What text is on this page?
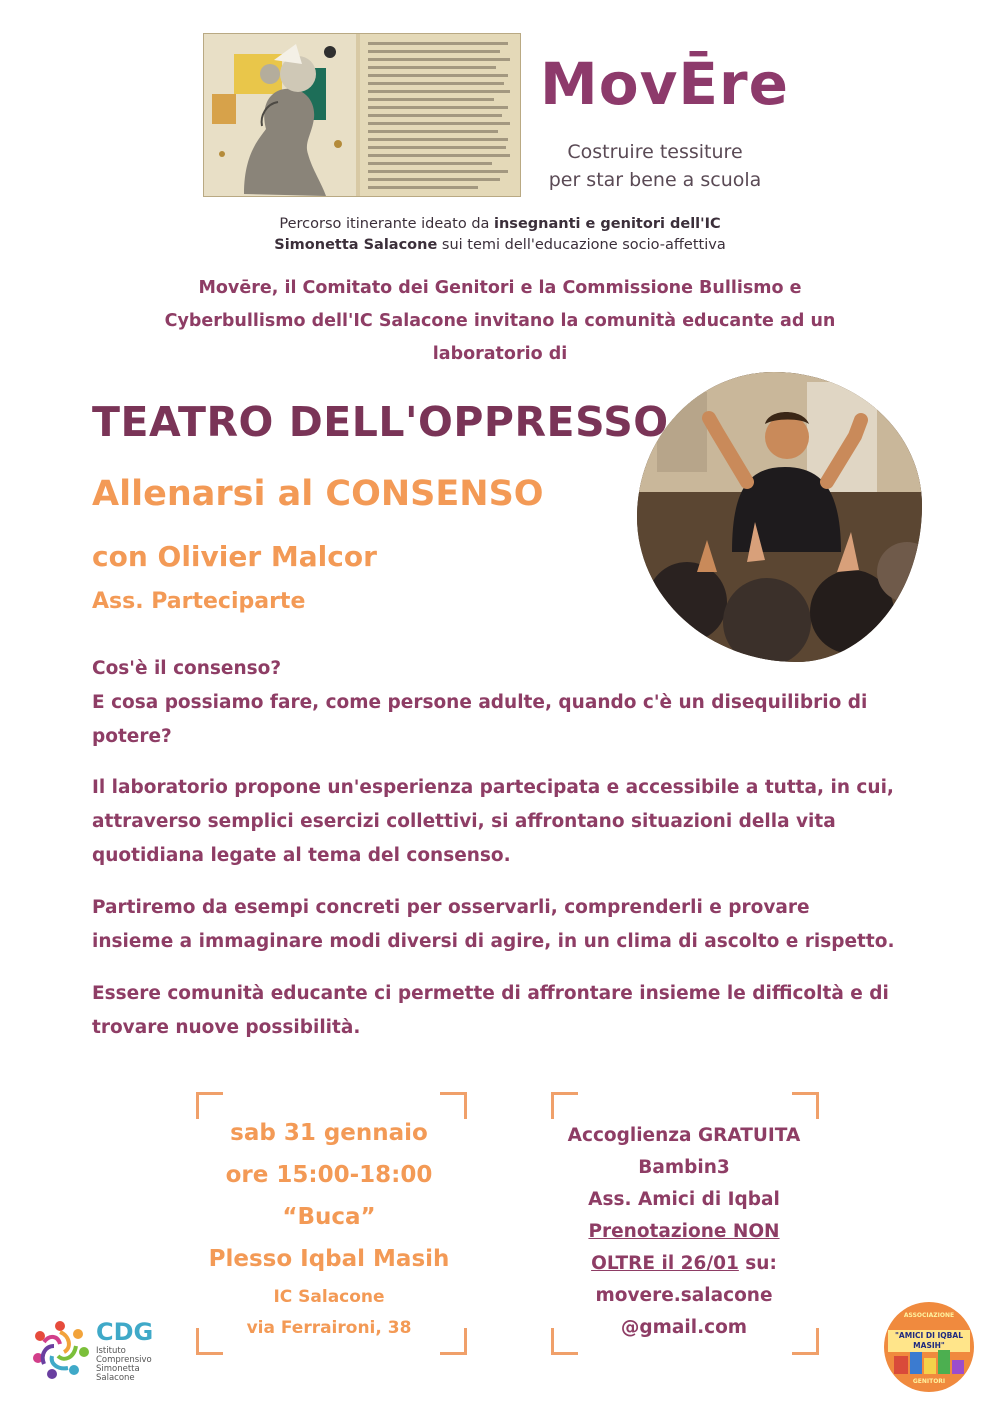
MovĒre
Costruire tessiture
per star bene a scuola
Percorso itinerante ideato da insegnanti e genitori dell'IC
Simonetta Salacone sui temi dell'educazione socio-affettiva
Movēre, il Comitato dei Genitori e la Commissione Bullismo e
Cyberbullismo dell'IC Salacone invitano la comunità educante ad un
laboratorio di
TEATRO DELL'OPPRESSO
Allenarsi al CONSENSO
con Olivier Malcor
Ass. Parteciparte
Cos'è il consenso?
E cosa possiamo fare, come persone adulte, quando c'è un disequilibrio di
potere?
Il laboratorio propone un'esperienza partecipata e accessibile a tutta, in cui,
attraverso semplici esercizi collettivi, si affrontano situazioni della vita
quotidiana legate al tema del consenso.
Partiremo da esempi concreti per osservarli, comprenderli e provare
insieme a immaginare modi diversi di agire, in un clima di ascolto e rispetto.
Essere comunità educante ci permette di affrontare insieme le difficoltà e di
trovare nuove possibilità.
sab 31 gennaio
ore 15:00-18:00
“Buca”
Plesso Iqbal Masih
IC Salacone
via Ferraironi, 38
Accoglienza GRATUITA
Bambin3
Ass. Amici di Iqbal
Prenotazione NON
OLTRE il 26/01 su:
movere.salacone
@gmail.com
CDG
Istituto
Comprensivo
Simonetta
Salacone
ASSOCIAZIONE
"AMICI DI IQBAL MASIH"
GENITORI
